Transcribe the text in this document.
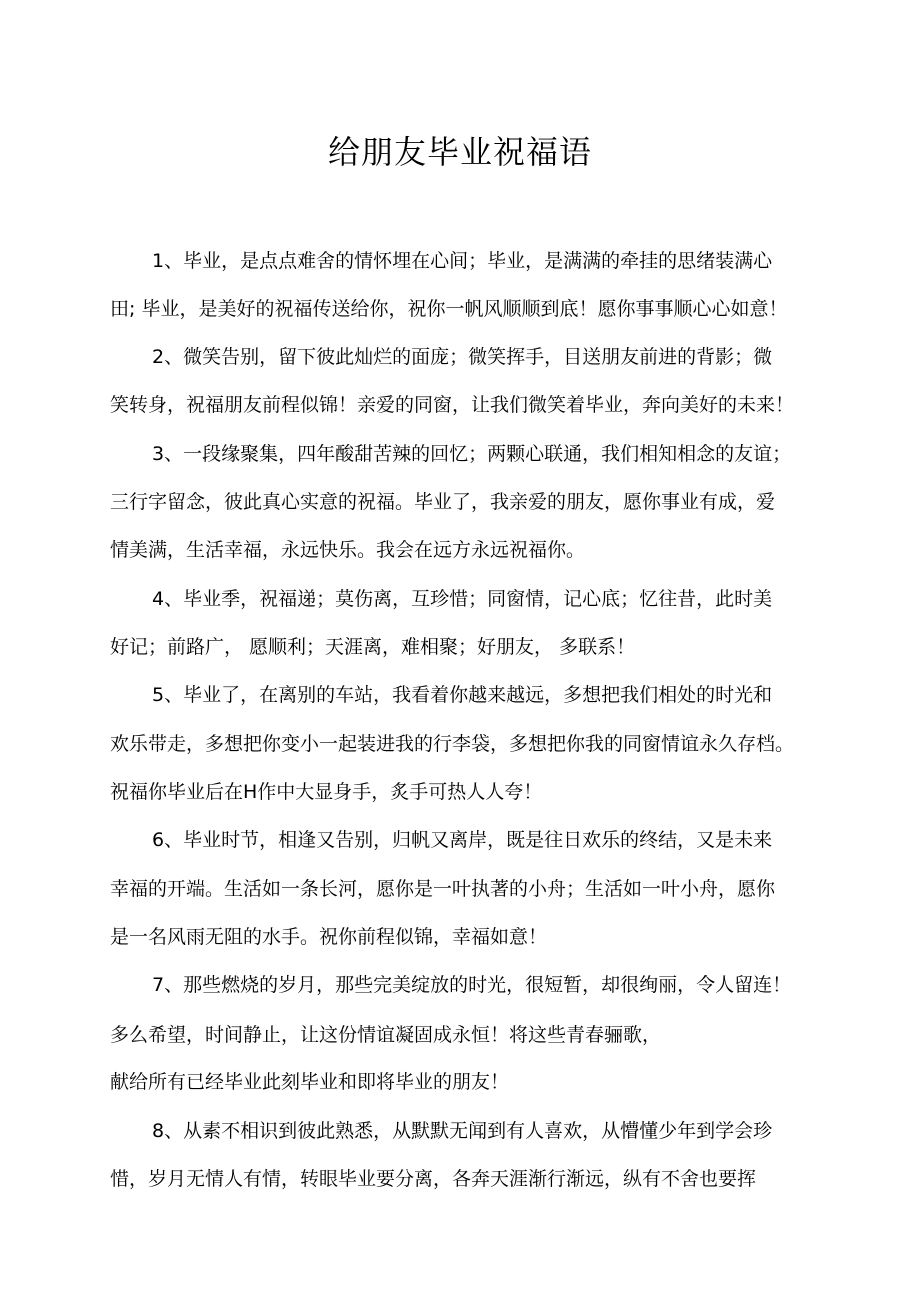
给朋友毕业祝福语

1、毕业，是点点难舍的情怀埋在心间；毕业，是满满的牵挂的思绪装满心

田; 毕业，是美好的祝福传送给你，祝你一帆风顺顺到底！愿你事事顺心心如意！

2、微笑告别，留下彼此灿烂的面庞；微笑挥手，目送朋友前进的背影；微

笑转身，祝福朋友前程似锦！亲爱的同窗，让我们微笑着毕业，奔向美好的未来！

3、一段缘聚集，四年酸甜苦辣的回忆；两颗心联通，我们相知相念的友谊；

三行字留念，彼此真心实意的祝福。毕业了，我亲爱的朋友，愿你事业有成，爱

情美满，生活幸福，永远快乐。我会在远方永远祝福你。

4、毕业季，祝福递；莫伤离，互珍惜；同窗情，记心底；忆往昔，此时美

好记；前路广， 愿顺利；天涯离，难相聚；好朋友， 多联系！

5、毕业了，在离别的车站，我看着你越来越远，多想把我们相处的时光和

欢乐带走，多想把你变小一起装进我的行李袋，多想把你我的同窗情谊永久存档。

祝福你毕业后在H作中大显身手，炙手可热人人夸！

6、毕业时节，相逢又告别，归帆又离岸，既是往日欢乐的终结，又是未来

幸福的开端。生活如一条长河，愿你是一叶执著的小舟；生活如一叶小舟，愿你

是一名风雨无阻的水手。祝你前程似锦，幸福如意！

7、那些燃烧的岁月，那些完美绽放的时光，很短暂，却很绚丽，令人留连！

多么希望，时间静止，让这份情谊凝固成永恒！将这些青春骊歌，

献给所有已经毕业此刻毕业和即将毕业的朋友！

8、从素不相识到彼此熟悉，从默默无闻到有人喜欢，从懵懂少年到学会珍

惜，岁月无情人有情，转眼毕业要分离，各奔天涯渐行渐远，纵有不舍也要挥
